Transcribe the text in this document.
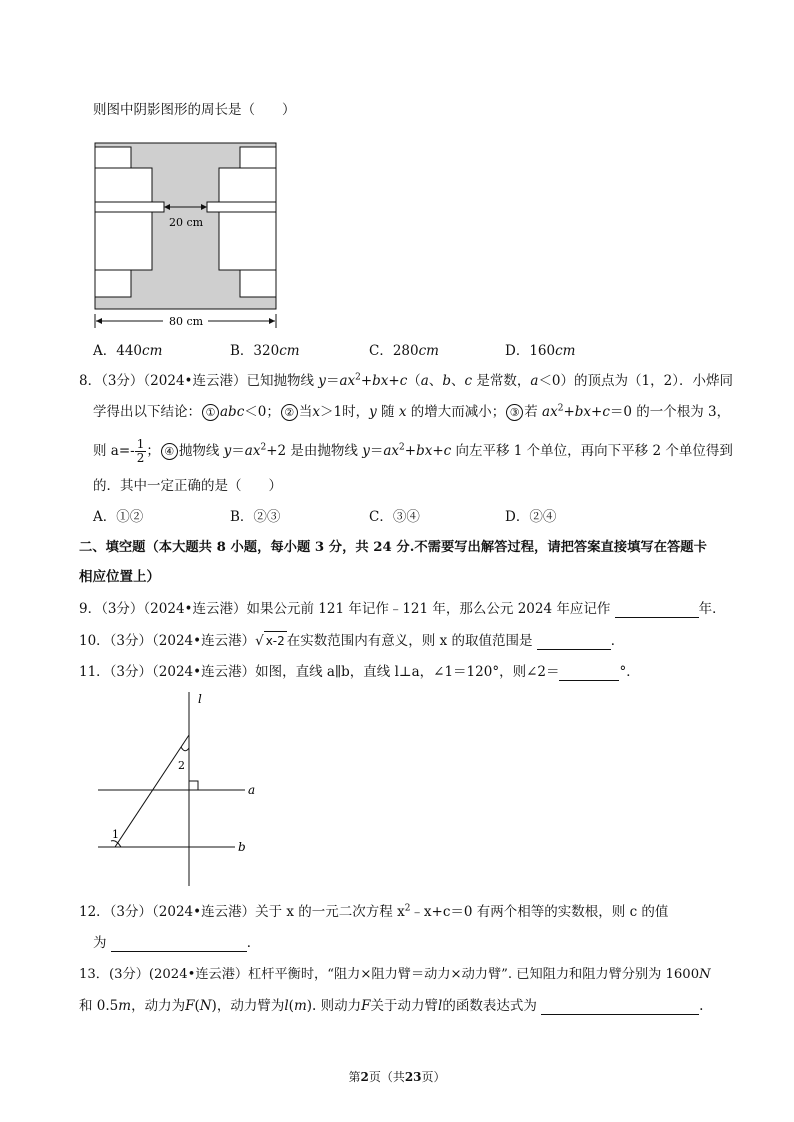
则图中阴影图形的周长是（　　）
20 cm
80 cm
A．440cm	B．320cm	C．280cm	D．160cm
8．（3分）（2024•连云港）已知抛物线 $y=ax^2+bx+c(a$、b、c 是常数，a＜0）的顶点为（1，2）．小烨同
学得出以下结论： ① abc＜0； ② 当x＞1时，y 随 x 的增大而减小； ③ 若 $ax^2+bx+c=0$ 的一个根为 3，
则 $a=- \frac{1}{2}$ ； ④ 抛物线 $y=ax^2+2$ 是由抛物线 $y=ax^2+bx+c$ 向左平移 1 个单位，再向下平移 2 个单位得到
的．其中一定正确的是（　　）
A．①②	B．②③	C．③④	D．②④
二、填空题（本大题共 8 小题，每小题 3 分，共 24 分.不需要写出解答过程，请把答案直接填写在答题卡
相应位置上）
9．（3分）（2024•连云港）如果公元前 121 年记作﹣121 年，那么公元 2024 年应记作	年．
10．（3分）（2024•连云港）√ x-2 在实数范围内有意义，则 x 的取值范围是	．
11．（3分）（2024•连云港）如图，直线 a∥b，直线 l⊥a，∠1＝120°，则∠2＝	°．
l
a
b
2
1
12．（3分）（2024•连云港）关于 x 的一元二次方程 $x^2﹣x+c=0$ 有两个相等的实数根，则 c 的值
为	．
13．(3分）(2024•连云港）杠杆平衡时，“阻力×阻力臂＝动力×动力臂”. 已知阻力和阻力臂分别为 1600N
和 0.5m，动力为F(N)，动力臂为l(m). 则动力F关于动力臂l的函数表达式为	.
第2页（共23页）
